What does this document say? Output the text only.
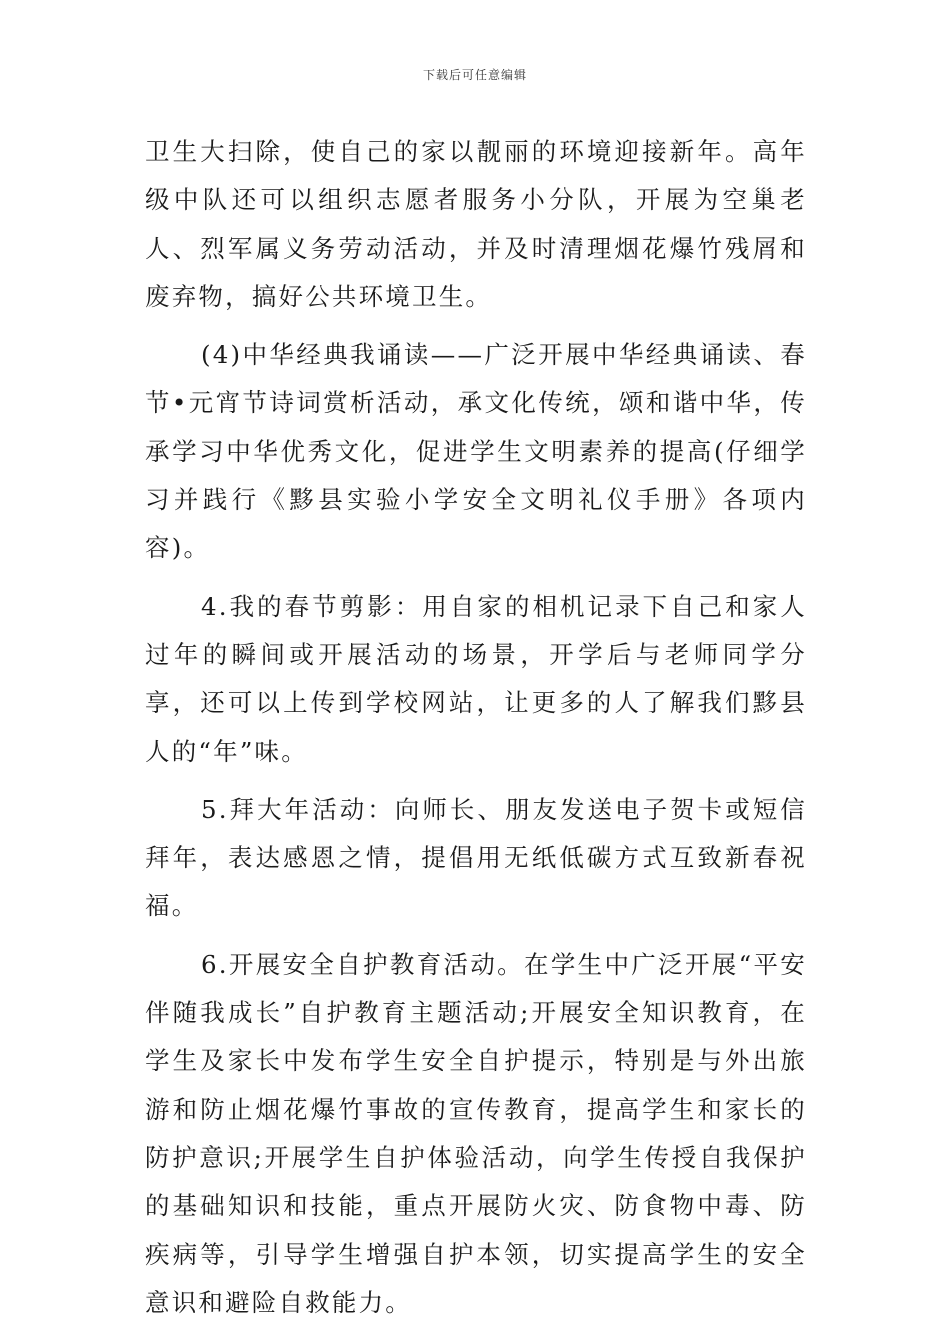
下载后可任意编辑

卫生大扫除，使自己的家以靓丽的环境迎接新年。高年级中队还可以组织志愿者服务小分队，开展为空巢老人、烈军属义务劳动活动，并及时清理烟花爆竹残屑和废弃物，搞好公共环境卫生。

(4)中华经典我诵读——广泛开展中华经典诵读、春节•元宵节诗词赏析活动，承文化传统，颂和谐中华，传承学习中华优秀文化，促进学生文明素养的提高(仔细学习并践行《黟县实验小学安全文明礼仪手册》各项内容)。

4.我的春节剪影：用自家的相机记录下自己和家人过年的瞬间或开展活动的场景，开学后与老师同学分享，还可以上传到学校网站，让更多的人了解我们黟县人的“年”味。

5.拜大年活动：向师长、朋友发送电子贺卡或短信拜年，表达感恩之情，提倡用无纸低碳方式互致新春祝福。

6.开展安全自护教育活动。在学生中广泛开展“平安伴随我成长”自护教育主题活动;开展安全知识教育，在学生及家长中发布学生安全自护提示，特别是与外出旅游和防止烟花爆竹事故的宣传教育，提高学生和家长的防护意识;开展学生自护体验活动，向学生传授自我保护的基础知识和技能，重点开展防火灾、防食物中毒、防疾病等，引导学生增强自护本领，切实提高学生的安全意识和避险自救能力。
